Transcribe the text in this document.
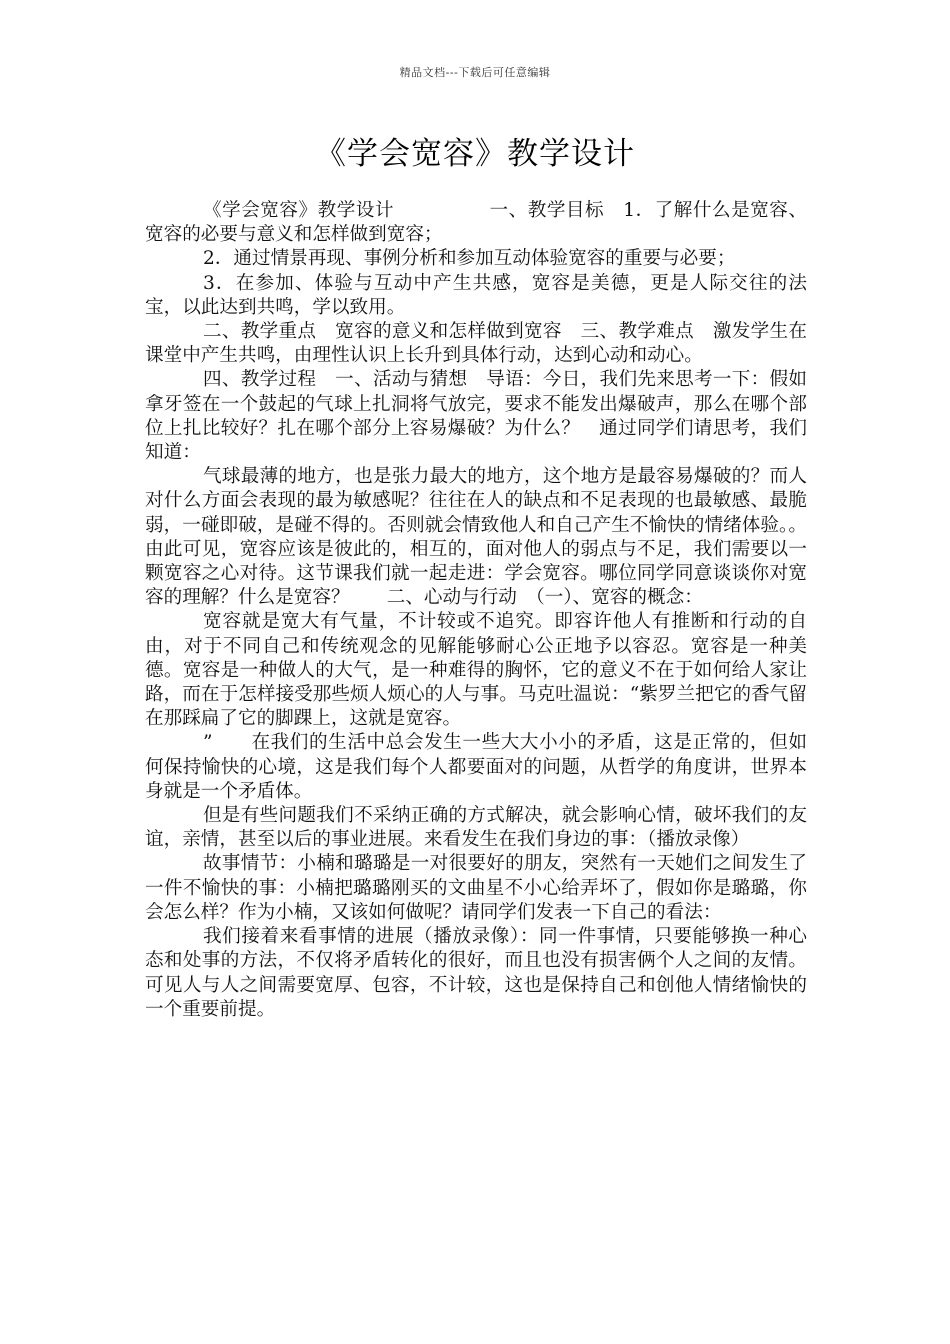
精品文档---下载后可任意编辑
《学会宽容》教学设计

《学会宽容》教学设计　　　　　一、教学目标　1．了解什么是宽容、宽容的必要与意义和怎样做到宽容；

2．通过情景再现、事例分析和参加互动体验宽容的重要与必要；

3．在参加、体验与互动中产生共感，宽容是美德，更是人际交往的法宝，以此达到共鸣，学以致用。

二、教学重点　宽容的意义和怎样做到宽容　三、教学难点　激发学生在课堂中产生共鸣，由理性认识上长升到具体行动，达到心动和动心。

四、教学过程　一、活动与猜想　导语：今日，我们先来思考一下：假如拿牙签在一个鼓起的气球上扎洞将气放完，要求不能发出爆破声，那么在哪个部位上扎比较好？扎在哪个部分上容易爆破？为什么？　通过同学们请思考，我们知道：

气球最薄的地方，也是张力最大的地方，这个地方是最容易爆破的？而人对什么方面会表现的最为敏感呢？往往在人的缺点和不足表现的也最敏感、最脆弱，一碰即破，是碰不得的。否则就会情致他人和自己产生不愉快的情绪体验。。由此可见，宽容应该是彼此的，相互的，面对他人的弱点与不足，我们需要以一颗宽容之心对待。这节课我们就一起走进：学会宽容。哪位同学同意谈谈你对宽容的理解？什么是宽容？　　二、心动与行动　（一）、宽容的概念：

宽容就是宽大有气量，不计较或不追究。即容许他人有推断和行动的自由，对于不同自己和传统观念的见解能够耐心公正地予以容忍。宽容是一种美德。宽容是一种做人的大气，是一种难得的胸怀，它的意义不在于如何给人家让路，而在于怎样接受那些烦人烦心的人与事。马克吐温说：“紫罗兰把它的香气留在那踩扁了它的脚踝上，这就是宽容。

”　　在我们的生活中总会发生一些大大小小的矛盾，这是正常的，但如何保持愉快的心境，这是我们每个人都要面对的问题，从哲学的角度讲，世界本身就是一个矛盾体。

但是有些问题我们不采纳正确的方式解决，就会影响心情，破坏我们的友谊，亲情，甚至以后的事业进展。来看发生在我们身边的事：（播放录像）

故事情节：小楠和璐璐是一对很要好的朋友，突然有一天她们之间发生了一件不愉快的事：小楠把璐璐刚买的文曲星不小心给弄坏了，假如你是璐璐，你会怎么样？作为小楠，又该如何做呢？请同学们发表一下自己的看法：

我们接着来看事情的进展（播放录像）：同一件事情，只要能够换一种心态和处事的方法，不仅将矛盾转化的很好，而且也没有损害俩个人之间的友情。可见人与人之间需要宽厚、包容，不计较，这也是保持自己和创他人情绪愉快的一个重要前提。
